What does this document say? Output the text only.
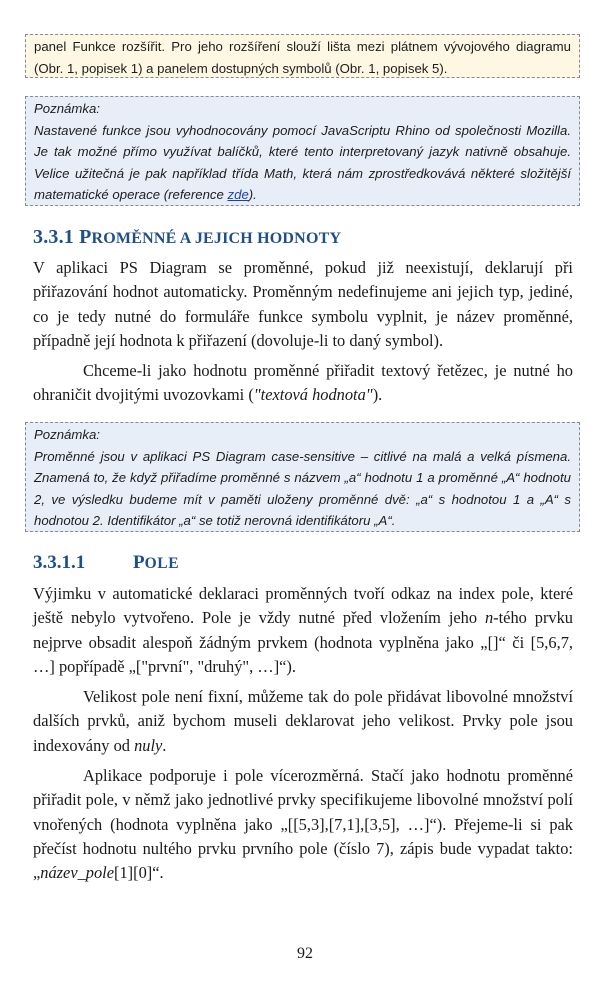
panel Funkce rozšířit. Pro jeho rozšíření slouží lišta mezi plátnem vývojového diagramu (Obr. 1, popisek 1) a panelem dostupných symbolů (Obr. 1, popisek 5).

Poznámka:

Nastavené funkce jsou vyhodnocovány pomocí JavaScriptu Rhino od společnosti Mozilla. Je tak možné přímo využívat balíčků, které tento interpretovaný jazyk nativně obsahuje. Velice užitečná je pak například třída Math, která nám zprostředkovává některé složitější matematické operace (reference zde).

3.3.1 PROMĚNNÉ A JEJICH HODNOTY

V aplikaci PS Diagram se proměnné, pokud již neexistují, deklarují při přiřazování hodnot automaticky. Proměnným nedefinujeme ani jejich typ, jediné, co je tedy nutné do formuláře funkce symbolu vyplnit, je název proměnné, případně její hodnota k přiřazení (dovoluje-li to daný symbol).

Chceme-li jako hodnotu proměnné přiřadit textový řetězec, je nutné ho ohraničit dvojitými uvozovkami ("textová hodnota").

Poznámka:

Proměnné jsou v aplikaci PS Diagram case-sensitive – citlivé na malá a velká písmena. Znamená to, že když přiřadíme proměnné s názvem „a“ hodnotu 1 a proměnné „A“ hodnotu 2, ve výsledku budeme mít v paměti uloženy proměnné dvě: „a“ s hodnotou 1 a „A“ s hodnotou 2. Identifikátor „a“ se totiž nerovná identifikátoru „A“.

3.3.1.1	POLE

Výjimku v automatické deklaraci proměnných tvoří odkaz na index pole, které ještě nebylo vytvořeno. Pole je vždy nutné před vložením jeho n-tého prvku nejprve obsadit alespoň žádným prvkem (hodnota vyplněna jako „[]“ či [5,6,7, …] popřípadě „["první", "druhý", …]“).

Velikost pole není fixní, můžeme tak do pole přidávat libovolné množství dalších prvků, aniž bychom museli deklarovat jeho velikost. Prvky pole jsou indexovány od nuly.

Aplikace podporuje i pole vícerozměrná. Stačí jako hodnotu proměnné přiřadit pole, v němž jako jednotlivé prvky specifikujeme libovolné množství polí vnořených (hodnota vyplněna jako „[[5,3],[7,1],[3,5], …]“). Přejeme-li si pak přečíst hodnotu nultého prvku prvního pole (číslo 7), zápis bude vypadat takto: „název_pole[1][0]“.

92
